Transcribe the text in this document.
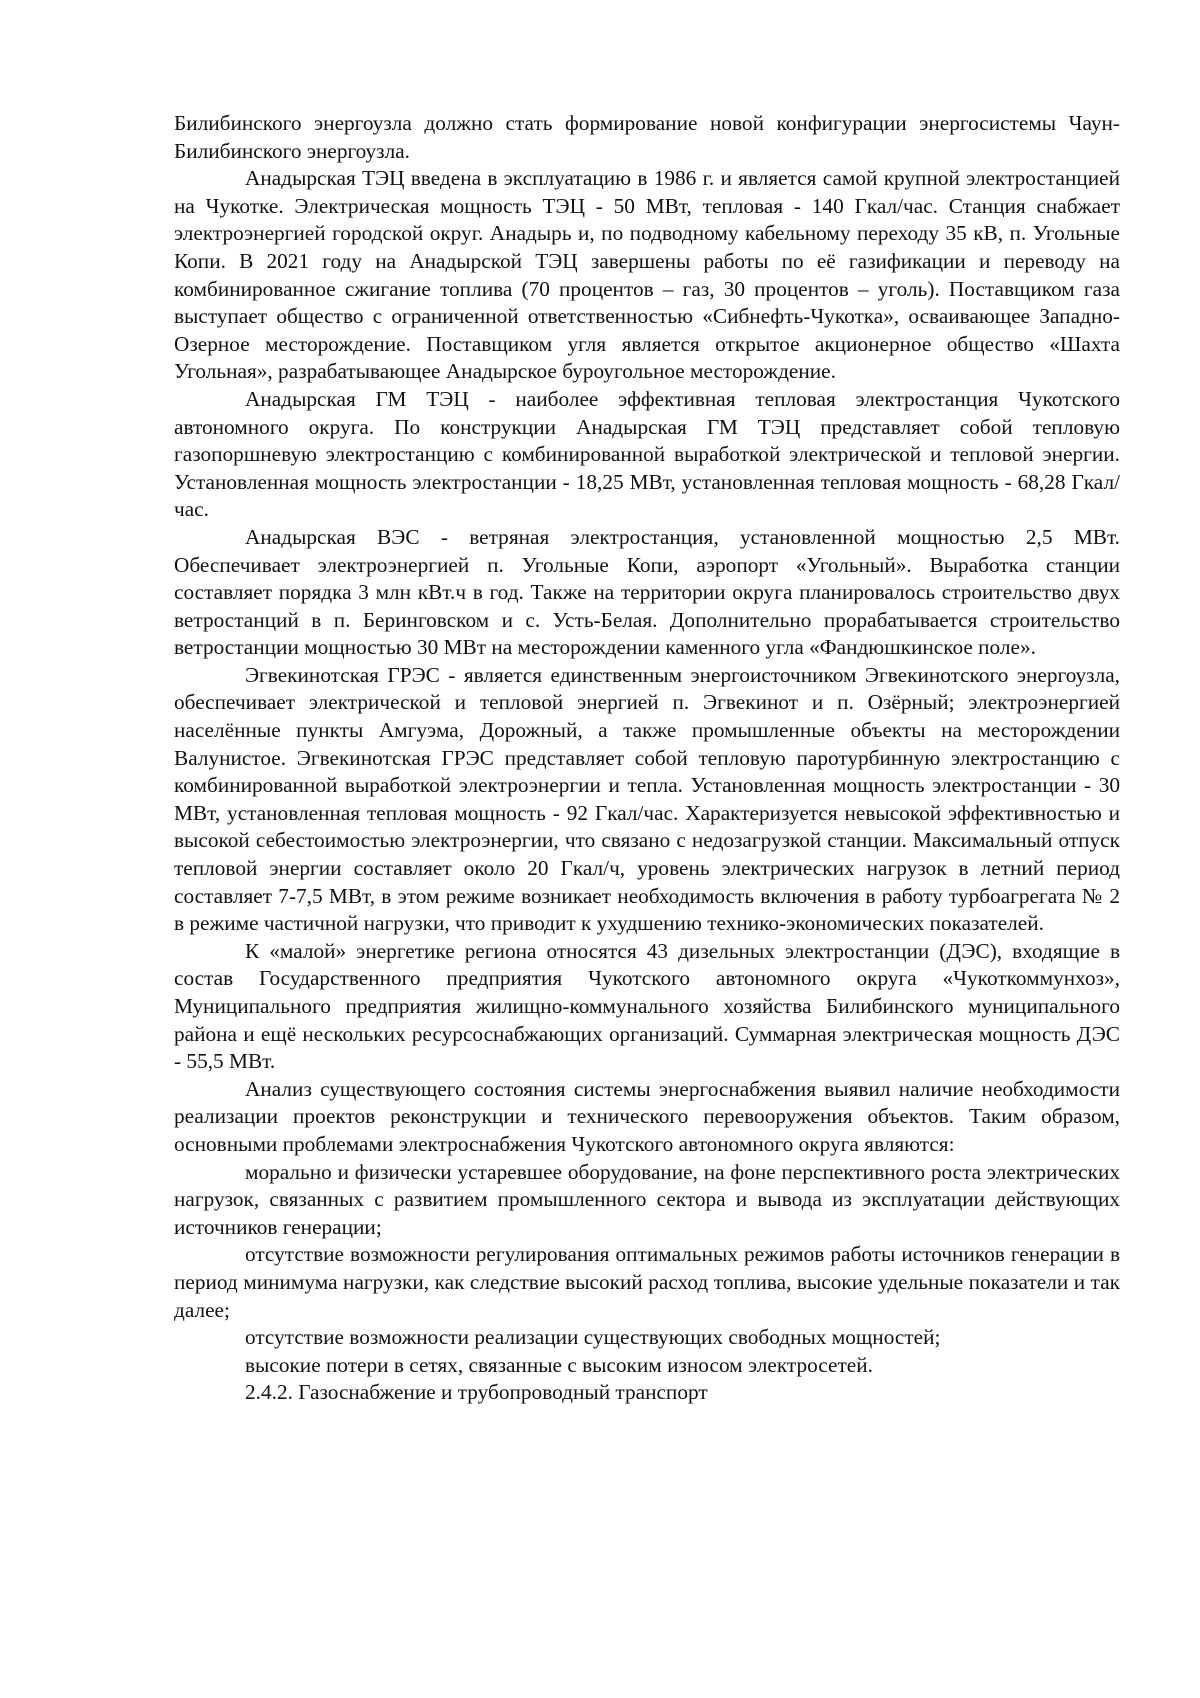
Билибинского энергоузла должно стать формирование новой конфигурации энергосистемы Чаун-Билибинского энергоузла.

Анадырская ТЭЦ введена в эксплуатацию в 1986 г. и является самой крупной электростанцией на Чукотке. Электрическая мощность ТЭЦ - 50 МВт, тепловая - 140 Гкал/час. Станция снабжает электроэнергией городской округ. Анадырь и, по подводному кабельному переходу 35 кВ, п. Угольные Копи. В 2021 году на Анадырской ТЭЦ завершены работы по её газификации и переводу на комбинированное сжигание топлива (70 процентов – газ, 30 процентов – уголь). Поставщиком газа выступает общество с ограниченной ответственностью «Сибнефть-Чукотка», осваивающее Западно-Озерное месторождение. Поставщиком угля является открытое акционерное общество «Шахта Угольная», разрабатывающее Анадырское буроугольное месторождение.

Анадырская ГМ ТЭЦ - наиболее эффективная тепловая электростанция Чукотского автономного округа. По конструкции Анадырская ГМ ТЭЦ представляет собой тепловую газопоршневую электростанцию с комбинированной выработкой электрической и тепловой энергии. Установленная мощность электростанции - 18,25 МВт, установленная тепловая мощность - 68,28 Гкал/час.

Анадырская ВЭС - ветряная электростанция, установленной мощностью 2,5 МВт. Обеспечивает электроэнергией п. Угольные Копи, аэропорт «Угольный». Выработка станции составляет порядка 3 млн кВт.ч в год. Также на территории округа планировалось строительство двух ветростанций в п. Беринговском и с. Усть-Белая. Дополнительно прорабатывается строительство ветростанции мощностью 30 МВт на месторождении каменного угла «Фандюшкинское поле».

Эгвекинотская ГРЭС - является единственным энергоисточником Эгвекинотского энергоузла, обеспечивает электрической и тепловой энергией п. Эгвекинот и п. Озёрный; электроэнергией населённые пункты Амгуэма, Дорожный, а также промышленные объекты на месторождении Валунистое. Эгвекинотская ГРЭС представляет собой тепловую паротурбинную электростанцию с комбинированной выработкой электроэнергии и тепла. Установленная мощность электростанции - 30 МВт, установленная тепловая мощность - 92 Гкал/час. Характеризуется невысокой эффективностью и высокой себестоимостью электроэнергии, что связано с недозагрузкой станции. Максимальный отпуск тепловой энергии составляет около 20 Гкал/ч, уровень электрических нагрузок в летний период составляет 7-7,5 МВт, в этом режиме возникает необходимость включения в работу турбоагрегата № 2 в режиме частичной нагрузки, что приводит к ухудшению технико-экономических показателей.

К «малой» энергетике региона относятся 43 дизельных электростанции (ДЭС), входящие в состав Государственного предприятия Чукотского автономного округа «Чукоткоммунхоз», Муниципального предприятия жилищно-коммунального хозяйства Билибинского муниципального района и ещё нескольких ресурсоснабжающих организаций. Суммарная электрическая мощность ДЭС - 55,5 МВт.

Анализ существующего состояния системы энергоснабжения выявил наличие необходимости реализации проектов реконструкции и технического перевооружения объектов. Таким образом, основными проблемами электроснабжения Чукотского автономного округа являются:

морально и физически устаревшее оборудование, на фоне перспективного роста электрических нагрузок, связанных с развитием промышленного сектора и вывода из эксплуатации действующих источников генерации;

отсутствие возможности регулирования оптимальных режимов работы источников генерации в период минимума нагрузки, как следствие высокий расход топлива, высокие удельные показатели и так далее;

отсутствие возможности реализации существующих свободных мощностей;

высокие потери в сетях, связанные с высоким износом электросетей.

2.4.2. Газоснабжение и трубопроводный транспорт
